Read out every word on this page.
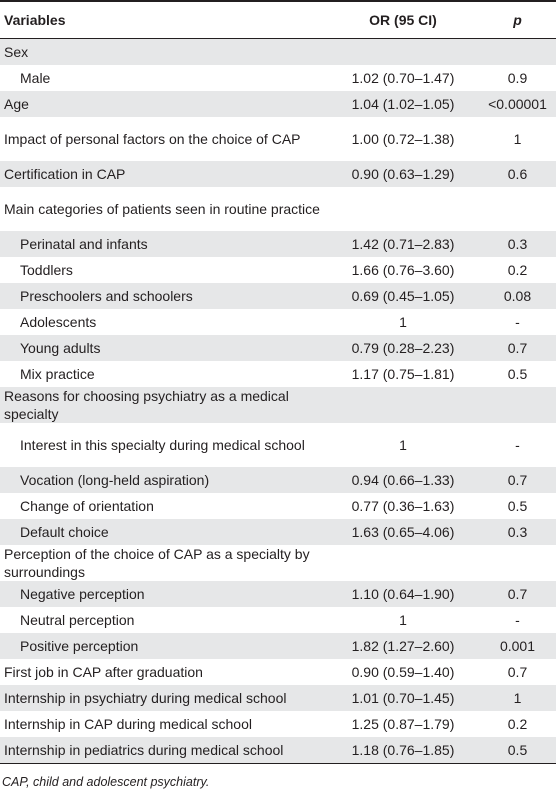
Variables	OR (95 CI)	p
Sex
Male	1.02 (0.70–1.47)	0.9
Age	1.04 (1.02–1.05)	<0.00001
Impact of personal factors on the choice of CAP	1.00 (0.72–1.38)	1
Certification in CAP	0.90 (0.63–1.29)	0.6
Main categories of patients seen in routine practice
Perinatal and infants	1.42 (0.71–2.83)	0.3
Toddlers	1.66 (0.76–3.60)	0.2
Preschoolers and schoolers	0.69 (0.45–1.05)	0.08
Adolescents	1	-
Young adults	0.79 (0.28–2.23)	0.7
Mix practice	1.17 (0.75–1.81)	0.5
Reasons for choosing psychiatry as a medical specialty
Interest in this specialty during medical school	1	-
Vocation (long-held aspiration)	0.94 (0.66–1.33)	0.7
Change of orientation	0.77 (0.36–1.63)	0.5
Default choice	1.63 (0.65–4.06)	0.3
Perception of the choice of CAP as a specialty by surroundings
Negative perception	1.10 (0.64–1.90)	0.7
Neutral perception	1	-
Positive perception	1.82 (1.27–2.60)	0.001
First job in CAP after graduation	0.90 (0.59–1.40)	0.7
Internship in psychiatry during medical school	1.01 (0.70–1.45)	1
Internship in CAP during medical school	1.25 (0.87–1.79)	0.2
Internship in pediatrics during medical school	1.18 (0.76–1.85)	0.5
CAP, child and adolescent psychiatry.
